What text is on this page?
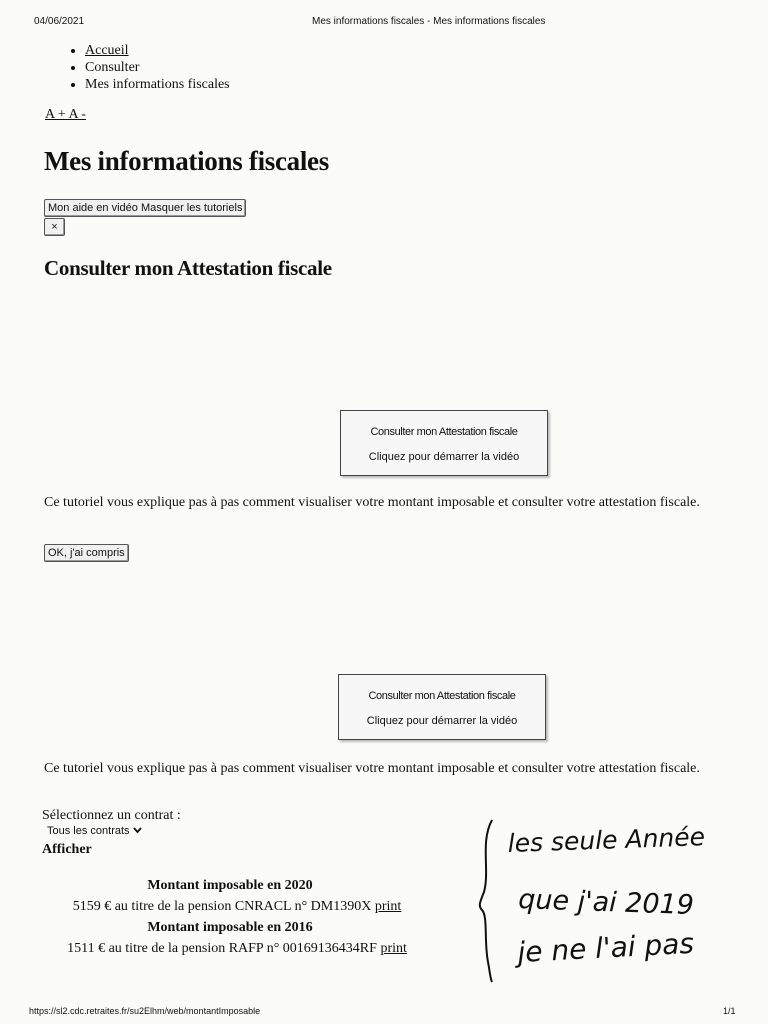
04/06/2021	Mes informations fiscales - Mes informations fiscales
• Accueil
• Consulter
• Mes informations fiscales
A + A -
Mes informations fiscales
Mon aide en vidéo Masquer les tutoriels
×
Consulter mon Attestation fiscale
Consulter mon Attestation fiscale
Cliquez pour démarrer la vidéo
Ce tutoriel vous explique pas à pas comment visualiser votre montant imposable et consulter votre attestation fiscale.
OK, j'ai compris
Consulter mon Attestation fiscale
Cliquez pour démarrer la vidéo
Ce tutoriel vous explique pas à pas comment visualiser votre montant imposable et consulter votre attestation fiscale.
Sélectionnez un contrat :
Tous les contrats
Afficher
Montant imposable en 2020
5159 € au titre de la pension CNRACL n° DM1390X print
Montant imposable en 2016
1511 € au titre de la pension RAFP n° 00169136434RF print
les seule Année
que j'ai 2019
je ne l'ai pas
https://sl2.cdc.retraites.fr/su2Elhm/web/montantImposable	1/1
